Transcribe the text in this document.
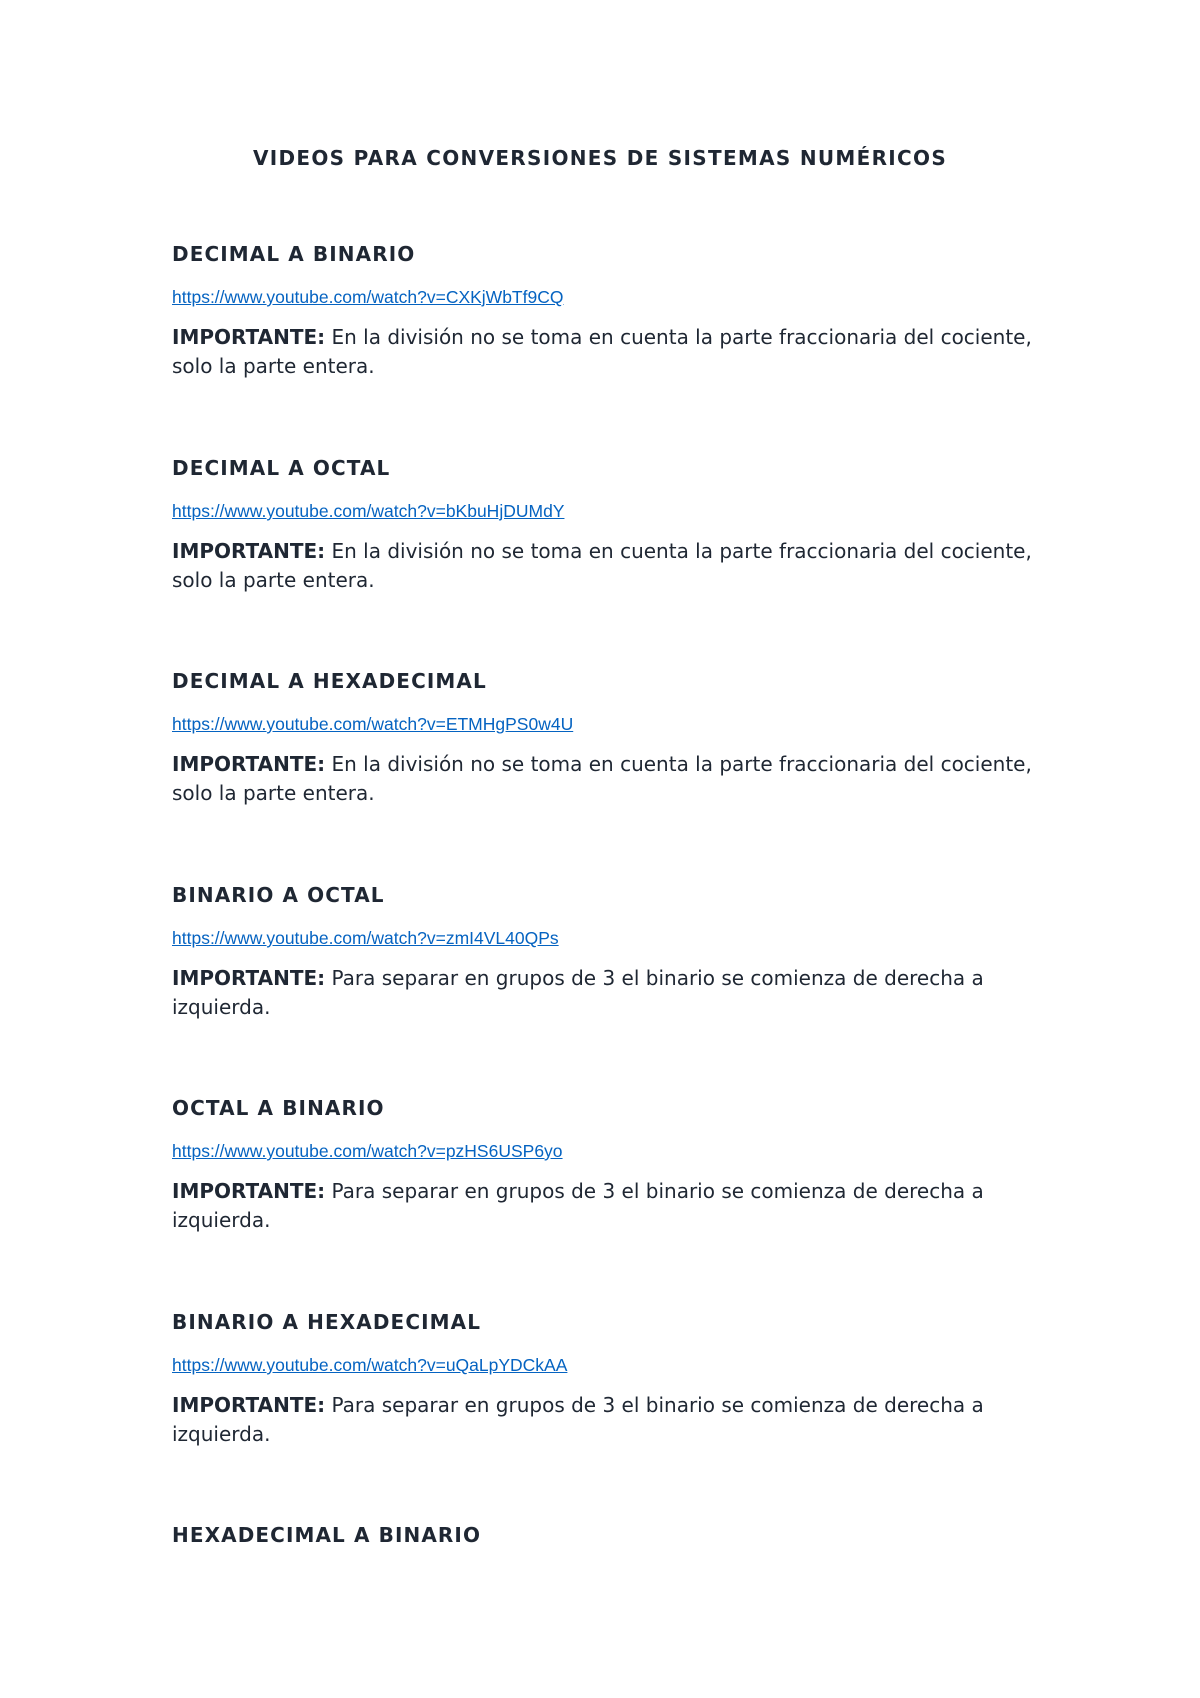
VIDEOS PARA CONVERSIONES DE SISTEMAS NUMÉRICOS
DECIMAL A BINARIO
https://www.youtube.com/watch?v=CXKjWbTf9CQ

IMPORTANTE: En la división no se toma en cuenta la parte fraccionaria del cociente, solo la parte entera.

DECIMAL A OCTAL
https://www.youtube.com/watch?v=bKbuHjDUMdY

IMPORTANTE: En la división no se toma en cuenta la parte fraccionaria del cociente, solo la parte entera.

DECIMAL A HEXADECIMAL
https://www.youtube.com/watch?v=ETMHgPS0w4U

IMPORTANTE: En la división no se toma en cuenta la parte fraccionaria del cociente, solo la parte entera.

BINARIO A OCTAL
https://www.youtube.com/watch?v=zmI4VL40QPs

IMPORTANTE: Para separar en grupos de 3 el binario se comienza de derecha a izquierda.

OCTAL A BINARIO
https://www.youtube.com/watch?v=pzHS6USP6yo

IMPORTANTE: Para separar en grupos de 3 el binario se comienza de derecha a izquierda.

BINARIO A HEXADECIMAL
https://www.youtube.com/watch?v=uQaLpYDCkAA

IMPORTANTE: Para separar en grupos de 3 el binario se comienza de derecha a izquierda.

HEXADECIMAL A BINARIO
